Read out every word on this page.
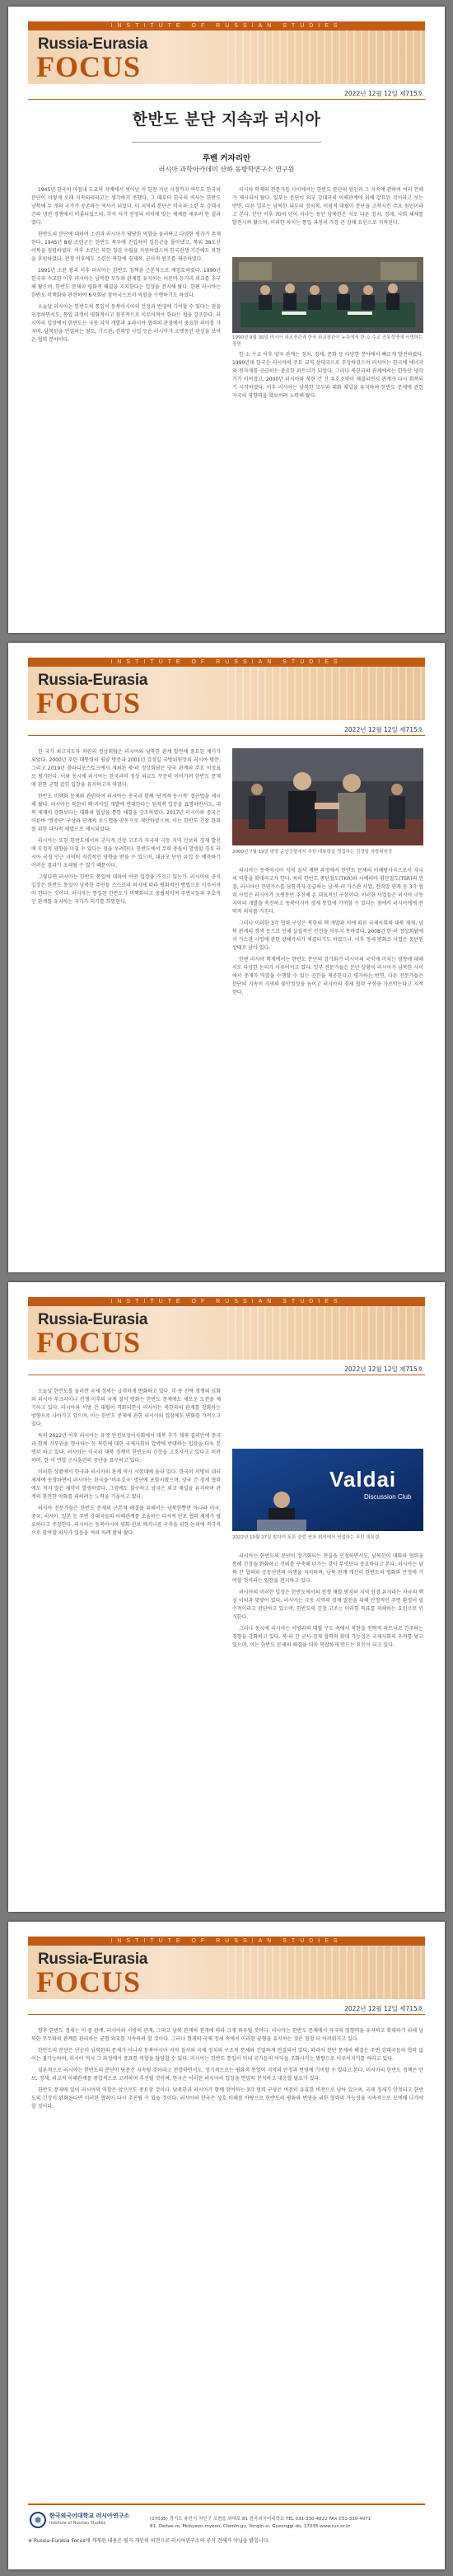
INSTITUTE OF RUSSIAN STUDIES
Russia-Eurasia
FOCUS
2022년 12월 12일 제715호
한반도 분단 지속과 러시아
루벤 커자리안
러시아 과학아카데미 산하 동방학연구소 연구원

1945년 한국이 마침내 도쿄의 지배에서 벗어난 지 한참 지난 시점까지 아무도 한국의 분단이 이렇게 오래 지속되리라고는 생각하지 못했다. 그 때부터 한국의 역사는 한반도 남북에 두 개의 국가가 공존하는 역사가 되었다. 이 지역의 분단은 미국과 소련 두 강대국 간의 냉전 경쟁에서 비롯되었으며, 각자 자기 진영의 이익에 맞는 체제를 세우려 한 결과였다.

한반도의 분단에 대하여 소련과 러시아가 담당한 역할을 둘러싸고 다양한 평가가 존재한다. 1945년 8월 소련군은 한반도 북부에 진입하여 일본군을 몰아냈고, 북위 38도선 이북을 점령하였다. 이후 소련은 북한 정권 수립을 지원하였으며 한국전쟁 기간에도 북한을 후원하였다. 전쟁 이후에도 소련은 북한에 경제적, 군사적 원조를 제공하였다.

1991년 소련 붕괴 이후 러시아는 한반도 정책을 근본적으로 재검토하였다. 1990년 한국과 수교한 이후 러시아는 남북한 모두와 관계를 유지하는 이른바 등거리 외교를 추구해 왔으며, 한반도 문제의 평화적 해결을 지지한다는 입장을 견지해 왔다. 한편 러시아는 한반도 비핵화와 관련하여 6자회담 참여국으로서 역할을 수행하기도 하였다.

오늘날 러시아는 한반도의 통일이 동북아시아의 안정과 번영에 기여할 수 있다는 점을 인정하면서도, 통일 과정이 평화적이고 점진적으로 이루어져야 한다는 점을 강조한다. 러시아의 입장에서 한반도는 극동 지역 개발과 유라시아 협력의 관점에서 중요한 의미를 가지며, 남북한을 연결하는 철도, 가스관, 전력망 사업 등은 러시아가 오랫동안 관심을 보여 온 협력 분야이다.

러시아 학계와 전문가들 사이에서는 한반도 분단의 원인과 그 지속에 관하여 여러 견해가 제시되어 왔다. 일부는 분단이 외부 강대국의 이해관계에 의해 강요된 것이라고 보는 반면, 다른 일부는 남북한 내부의 정치적, 이념적 대립이 분단을 고착시킨 주요 원인이라고 본다. 분단 이후 70여 년이 지나는 동안 남북한은 서로 다른 정치, 경제, 사회 체제를 발전시켜 왔으며, 이러한 차이는 통일 과정의 가장 큰 장애 요인으로 지적된다.

1990년 9월 30일 러시아 외교장관과 한국 외교장관이 뉴욕에서 한·소 수교 공동성명에 서명하는 장면

한·소 수교 이후 양국 관계는 정치, 경제, 문화 등 다양한 분야에서 빠르게 발전하였다. 1990년대 한국은 러시아의 주요 교역 상대국으로 부상하였으며 러시아는 한국에 에너지와 원자재를 공급하는 중요한 파트너가 되었다. 그러나 북한과의 관계에서는 한동안 냉각기가 이어졌고, 2000년 러시아와 북한 간 신 우호조약이 체결되면서 관계가 다시 회복되기 시작하였다. 이후 러시아는 남북한 모두와 대화 채널을 유지하며 한반도 문제에 관한 자국의 영향력을 확보하려 노력해 왔다.

INSTITUTE OF RUSSIAN STUDIES
Russia-Eurasia
FOCUS
2022년 12월 12일 제715호

한 국가 최고지도자 차원의 정상회담은 러시아와 남북한 관계 발전에 중요한 계기가 되었다. 2000년 푸틴 대통령의 평양 방문과 2001년 김정일 국방위원장의 러시아 방문, 그리고 2019년 블라디보스토크에서 개최된 북·러 정상회담은 양국 관계의 주요 이정표로 평가된다. 이와 동시에 러시아는 한국과의 정상 외교도 꾸준히 이어가며 한반도 문제에 관한 균형 잡힌 입장을 유지하고자 하였다.

한반도 비핵화 문제와 관련하여 러시아는 중국과 함께 '단계적·동시적' 접근법을 제시해 왔다. 러시아는 북한의 핵·미사일 개발에 반대한다는 원칙적 입장을 표명하면서도, 대북 제재의 강화보다는 대화와 협상을 통한 해결을 강조하였다. 2017년 러시아와 중국은 이른바 '쌍중단' 구상과 단계적 로드맵을 공동으로 제안하였으며, 이는 한반도 긴장 완화를 위한 다자적 해법으로 제시되었다.

러시아는 또한 한반도에서의 군사적 긴장 고조가 자국의 극동 지역 안보와 경제 발전에 부정적 영향을 미칠 수 있다는 점을 우려한다. 한반도에서 무력 충돌이 발생할 경우 러시아 국경 인근 지역이 직접적인 영향을 받을 수 있으며, 대규모 난민 유입 등 예측하기 어려운 결과가 초래될 수 있기 때문이다.

그렇다면 러시아는 한반도 통일에 대하여 어떤 입장을 가지고 있는가. 러시아의 공식 입장은 한반도 통일이 남북한 주민들 스스로의 의지에 따라 평화적인 방법으로 이루어져야 한다는 것이다. 러시아는 통일된 한반도가 비핵화되고 중립적이며 주변국들과 우호적인 관계를 유지하는 국가가 되기를 희망한다.

2000년 7월 19일 평양 순안공항에서 푸틴 대통령을 영접하는 김정일 국방위원장

러시아는 동북아시아 지역 질서 재편 과정에서 한반도 문제의 이해당사국으로서 자국의 역할을 확대하고자 한다. 특히 한반도 종단철도(TKR)와 시베리아 횡단철도(TSR)의 연결, 러시아산 천연가스를 남한까지 공급하는 남·북·러 가스관 사업, 전력망 연계 등 3각 협력 사업은 러시아가 오랫동안 추진해 온 대표적인 구상이다. 이러한 사업들은 러시아 극동 지역의 개발을 촉진하고 동북아시아 경제 통합에 기여할 수 있다는 점에서 러시아에게 전략적 의미를 가진다.

그러나 이러한 3각 협력 구상은 북한의 핵 개발과 이에 따른 국제사회의 대북 제재, 남북 관계의 경색 등으로 인해 실질적인 진전을 이루지 못하였다. 2008년 한·러 정상회담에서 가스관 사업에 관한 양해각서가 체결되기도 하였으나, 이후 정세 변화로 사업은 중단된 상태로 남아 있다.

한편 러시아 학계에서는 한반도 분단의 장기화가 러시아의 국익에 미치는 영향에 대해서도 다양한 논의가 이루어지고 있다. 일부 전문가들은 분단 상황이 러시아가 남북한 사이에서 중재자 역할을 수행할 수 있는 공간을 제공한다고 평가하는 반면, 다른 전문가들은 분단의 지속이 지역의 불안정성을 높이고 러시아의 경제 협력 구상을 가로막는다고 지적한다.

INSTITUTE OF RUSSIAN STUDIES
Russia-Eurasia
FOCUS
2022년 12월 12일 제715호

오늘날 한반도를 둘러싼 국제 정세는 급격하게 변화하고 있다. 미·중 전략 경쟁의 심화와 러시아·우크라이나 전쟁 이후의 국제 질서 변화는 한반도 문제에도 새로운 도전을 제기하고 있다. 러시아와 서방 간 대립이 격화되면서 러시아는 북한과의 관계를 강화하는 방향으로 나아가고 있으며, 이는 한반도 문제에 관한 러시아의 입장에도 변화를 가져오고 있다.

특히 2022년 이후 러시아는 유엔 안전보장이사회에서 대북 추가 제재 결의안에 중국과 함께 거부권을 행사하는 등 북한에 대한 국제사회의 압박에 반대하는 입장을 더욱 분명히 하고 있다. 러시아는 미국의 대북 정책이 한반도의 긴장을 고조시키고 있다고 비판하며, 한·미 연합 군사훈련의 중단을 요구하고 있다.

이러한 상황에서 한국과 러시아의 관계 역시 시험대에 올라 있다. 한국이 서방의 대러 제재에 동참하면서 러시아는 한국을 '비우호국' 명단에 포함시켰으며, 양국 간 경제 협력에도 적지 않은 제약이 발생하였다. 그럼에도 불구하고 양국은 외교 채널을 유지하며 관계의 완전한 악화를 피하려는 노력을 기울이고 있다.

러시아 전문가들은 한반도 문제의 근본적 해결을 위해서는 남북한뿐만 아니라 미국, 중국, 러시아, 일본 등 주변 강대국들의 이해관계를 조율하는 다자적 안보 협력 체제가 필요하다고 주장한다. 러시아는 동북아시아 평화·안보 메커니즘 구축을 위한 논의에 적극적으로 참여할 의사가 있음을 여러 차례 밝혀 왔다.

Valdai
Discussion Club
2022년 10월 27일 발다이 토론 클럽 연차 회의에서 연설하는 푸틴 대통령

러시아는 한반도의 분단이 장기화되는 현실을 인정하면서도, 남북한이 대화와 협력을 통해 긴장을 완화하고 신뢰를 구축해 나가는 것이 무엇보다 중요하다고 본다. 러시아는 남북 간 합의와 공동선언의 이행을 지지하며, 남북 관계 개선이 한반도의 평화와 안정에 기여할 것이라는 입장을 견지하고 있다.

러시아의 이러한 입장은 한반도에서의 전쟁 재발 방지와 지역 안정 유지라는 자국의 핵심 이익과 맞닿아 있다. 러시아는 극동 지역의 경제 발전을 위해 안정적인 주변 환경이 필수적이라고 판단하고 있으며, 한반도의 긴장 고조는 이러한 목표를 저해하는 요인으로 인식한다.

그러나 동시에 러시아는 서방과의 대립 구도 속에서 북한을 전략적 파트너로 간주하는 경향을 강화하고 있다. 북·러 간 군사·경제 협력의 확대 가능성은 국제사회의 우려를 낳고 있으며, 이는 한반도 문제의 해결을 더욱 복잡하게 만드는 요인이 되고 있다.

INSTITUTE OF RUSSIAN STUDIES
Russia-Eurasia
FOCUS
2022년 12월 12일 제715호

향후 한반도 정세는 미·중 관계, 러시아와 서방의 관계, 그리고 남북 관계의 전개에 따라 크게 좌우될 것이다. 러시아는 한반도 문제에서 자국의 영향력을 유지하고 확대하기 위해 남북한 모두와의 관계를 관리하는 균형 외교를 지속하려 할 것이다. 그러나 현재의 국제 정세 속에서 이러한 균형을 유지하는 것은 점점 더 어려워지고 있다.

한반도의 분단은 단순히 남북한의 문제가 아니라 동북아시아 지역 질서와 국제 정치의 구조적 문제와 긴밀하게 연결되어 있다. 따라서 분단 문제의 해결은 주변 강대국들의 협력 없이는 불가능하며, 러시아 역시 그 과정에서 중요한 역할을 담당할 수 있다. 러시아는 한반도 통일이 역내 국가들의 이익을 조화시키는 방향으로 이루어지기를 바라고 있다.

결론적으로 러시아는 한반도의 분단이 당분간 지속될 것이라고 전망하면서도, 장기적으로는 평화적 통일이 지역의 안정과 번영에 기여할 수 있다고 본다. 러시아의 한반도 정책은 안보, 경제, 외교적 이해관계를 종합적으로 고려하여 추진될 것이며, 한국은 이러한 러시아의 입장을 면밀히 분석하고 대응할 필요가 있다.

한반도 문제에 있어 러시아의 역할은 앞으로도 중요할 것이다. 남북한과 러시아가 함께 참여하는 3각 협력 구상은 여전히 유효한 비전으로 남아 있으며, 국제 정세가 안정되고 한반도의 긴장이 완화된다면 이러한 협력이 다시 추진될 수 있을 것이다. 러시아와 한국은 상호 이해를 바탕으로 한반도의 평화와 번영을 위한 협력의 가능성을 지속적으로 모색해 나가야 할 것이다.

한국외국어대학교 러시아연구소
Institute of Russian Studies
(17035) 경기도 용인시 처인구 모현읍 외대로 81 한국외국어대학교 TEL 031-330-4822 FAX 031-330-4971
81, Oedae-ro, Mohyeon-myeon, Cheoin-gu, Yongin-si, Gyeonggi-do, 17035 www.rus.or.kr
※ Russia-Eurasia Focus에 게재된 내용은 필자 개인의 의견으로 러시아연구소의 공식 견해가 아님을 밝힙니다.
